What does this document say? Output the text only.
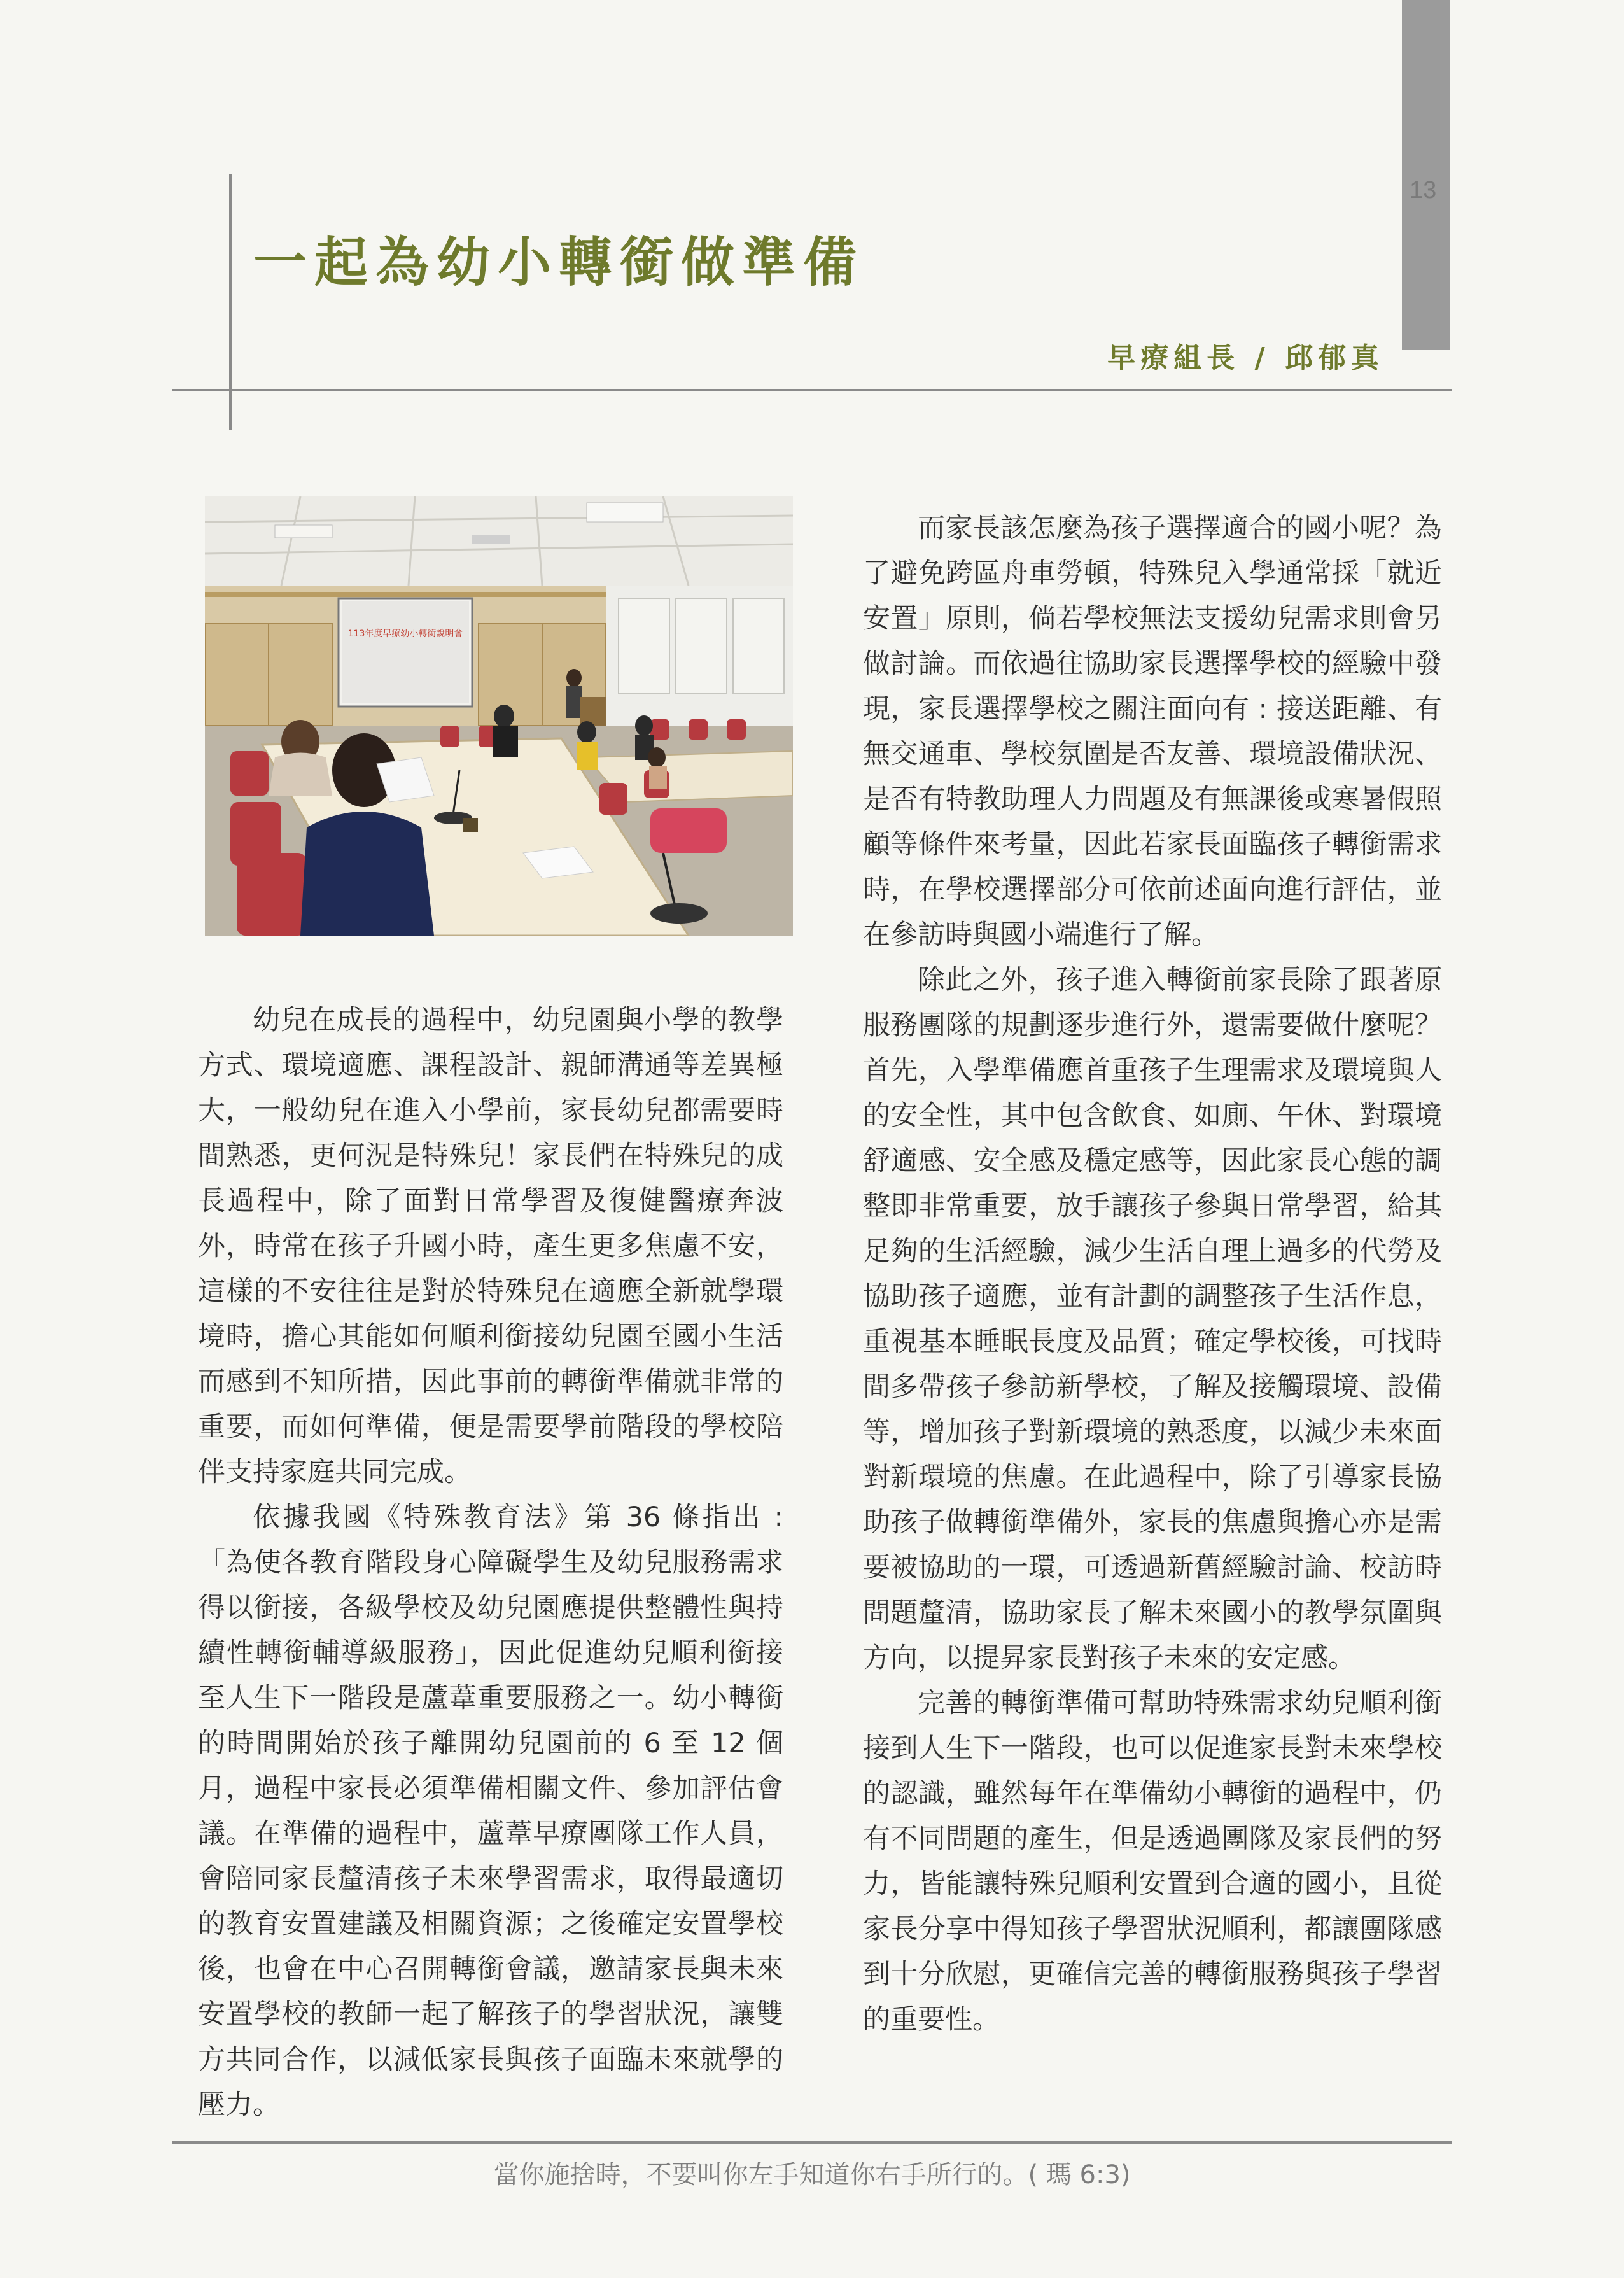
13
一起為幼小轉銜做準備
早療組長 / 邱郁真
113年度早療幼小轉銜說明會

幼兒在成長的過程中，幼兒園與小學的教學方式、環境適應、課程設計、親師溝通等差異極大，一般幼兒在進入小學前，家長幼兒都需要時間熟悉，更何況是特殊兒！家長們在特殊兒的成長過程中，除了面對日常學習及復健醫療奔波外，時常在孩子升國小時，產生更多焦慮不安，這樣的不安往往是對於特殊兒在適應全新就學環境時，擔心其能如何順利銜接幼兒園至國小生活而感到不知所措，因此事前的轉銜準備就非常的重要，而如何準備，便是需要學前階段的學校陪伴支持家庭共同完成。

依據我國《特殊教育法》第 36 條指出 :「為使各教育階段身心障礙學生及幼兒服務需求得以銜接，各級學校及幼兒園應提供整體性與持續性轉銜輔導級服務」，因此促進幼兒順利銜接至人生下一階段是蘆葦重要服務之一。幼小轉銜的時間開始於孩子離開幼兒園前的 6 至 12 個月，過程中家長必須準備相關文件、參加評估會議。在準備的過程中，蘆葦早療團隊工作人員，會陪同家長釐清孩子未來學習需求，取得最適切的教育安置建議及相關資源；之後確定安置學校後，也會在中心召開轉銜會議，邀請家長與未來安置學校的教師一起了解孩子的學習狀況，讓雙方共同合作，以減低家長與孩子面臨未來就學的壓力。

而家長該怎麼為孩子選擇適合的國小呢？為了避免跨區舟車勞頓，特殊兒入學通常採「就近安置」原則，倘若學校無法支援幼兒需求則會另做討論。而依過往協助家長選擇學校的經驗中發現，家長選擇學校之關注面向有 : 接送距離、有無交通車、學校氛圍是否友善、環境設備狀況、是否有特教助理人力問題及有無課後或寒暑假照顧等條件來考量，因此若家長面臨孩子轉銜需求時，在學校選擇部分可依前述面向進行評估，並在參訪時與國小端進行了解。

除此之外，孩子進入轉銜前家長除了跟著原服務團隊的規劃逐步進行外，還需要做什麼呢？首先，入學準備應首重孩子生理需求及環境與人的安全性，其中包含飲食、如廁、午休、對環境舒適感、安全感及穩定感等，因此家長心態的調整即非常重要，放手讓孩子參與日常學習，給其足夠的生活經驗，減少生活自理上過多的代勞及協助孩子適應，並有計劃的調整孩子生活作息，重視基本睡眠長度及品質；確定學校後，可找時間多帶孩子參訪新學校，了解及接觸環境、設備等，增加孩子對新環境的熟悉度，以減少未來面對新環境的焦慮。在此過程中，除了引導家長協助孩子做轉銜準備外，家長的焦慮與擔心亦是需要被協助的一環，可透過新舊經驗討論、校訪時問題釐清，協助家長了解未來國小的教學氛圍與方向，以提昇家長對孩子未來的安定感。

完善的轉銜準備可幫助特殊需求幼兒順利銜接到人生下一階段，也可以促進家長對未來學校的認識，雖然每年在準備幼小轉銜的過程中，仍有不同問題的產生，但是透過團隊及家長們的努力，皆能讓特殊兒順利安置到合適的國小，且從家長分享中得知孩子學習狀況順利，都讓團隊感到十分欣慰，更確信完善的轉銜服務與孩子學習的重要性。

當你施捨時，不要叫你左手知道你右手所行的。( 瑪 6:3)
